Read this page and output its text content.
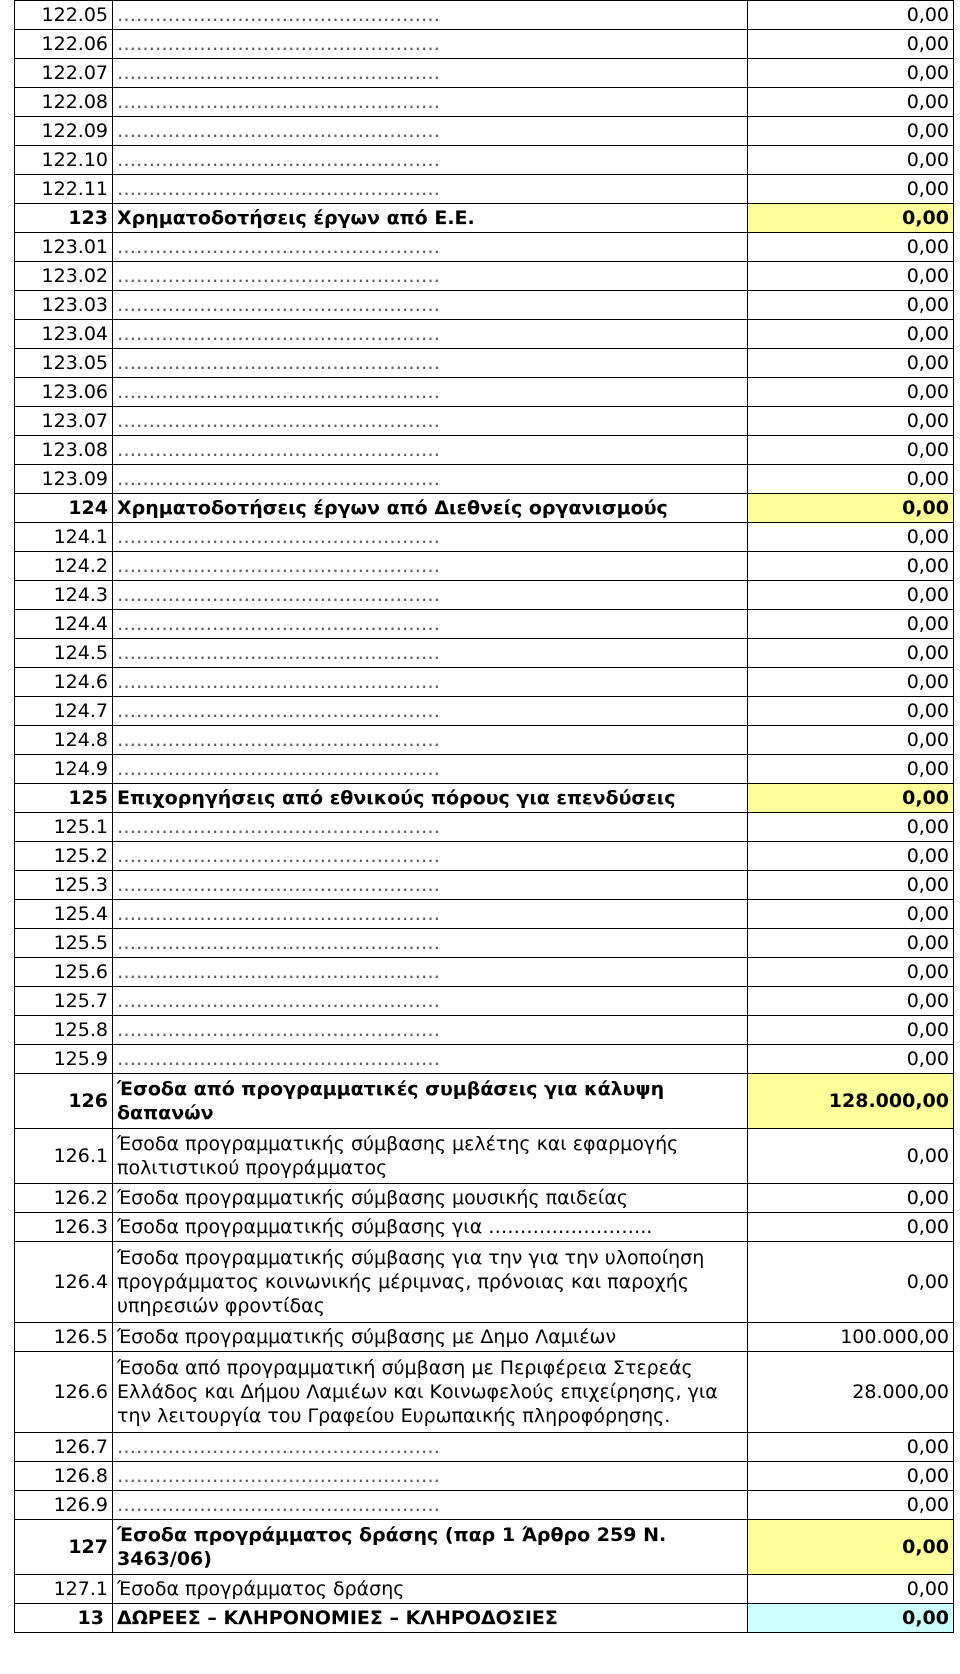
122.05	……………………………………………	0,00
122.06	……………………………………………	0,00
122.07	……………………………………………	0,00
122.08	……………………………………………	0,00
122.09	……………………………………………	0,00
122.10	……………………………………………	0,00
122.11	……………………………………………	0,00
123	Χρηματοδοτήσεις έργων από Ε.Ε.	0,00
123.01	……………………………………………	0,00
123.02	……………………………………………	0,00
123.03	……………………………………………	0,00
123.04	……………………………………………	0,00
123.05	……………………………………………	0,00
123.06	……………………………………………	0,00
123.07	……………………………………………	0,00
123.08	……………………………………………	0,00
123.09	……………………………………………	0,00
124	Χρηματοδοτήσεις έργων από Διεθνείς οργανισμούς	0,00
124.1	……………………………………………	0,00
124.2	……………………………………………	0,00
124.3	……………………………………………	0,00
124.4	……………………………………………	0,00
124.5	……………………………………………	0,00
124.6	……………………………………………	0,00
124.7	……………………………………………	0,00
124.8	……………………………………………	0,00
124.9	……………………………………………	0,00
125	Επιχορηγήσεις από εθνικούς πόρους για επενδύσεις	0,00
125.1	……………………………………………	0,00
125.2	……………………………………………	0,00
125.3	……………………………………………	0,00
125.4	……………………………………………	0,00
125.5	……………………………………………	0,00
125.6	……………………………………………	0,00
125.7	……………………………………………	0,00
125.8	……………………………………………	0,00
125.9	……………………………………………	0,00
126	Έσοδα από προγραμματικές συμβάσεις για κάλυψη δαπανών	128.000,00
126.1	Έσοδα προγραμματικής σύμβασης μελέτης και εφαρμογής πολιτιστικού προγράμματος	0,00
126.2	Έσοδα προγραμματικής σύμβασης μουσικής παιδείας	0,00
126.3	Έσοδα προγραμματικής σύμβασης για ……………………..	0,00
126.4	Έσοδα προγραμματικής σύμβασης για την για την υλοποίηση προγράμματος κοινωνικής μέριμνας, πρόνοιας και παροχής υπηρεσιών φροντίδας	0,00
126.5	Έσοδα προγραμματικής σύμβασης με Δημο Λαμιέων	100.000,00
126.6	Έσοδα από προγραμματική σύμβαση με Περιφέρεια Στερεάς Ελλάδος και Δήμου Λαμιέων και Κοινωφελούς επιχείρησης, για την λειτουργία του Γραφείου Ευρωπαικής πληροφόρησης.	28.000,00
126.7	……………………………………………	0,00
126.8	……………………………………………	0,00
126.9	……………………………………………	0,00
127	Έσοδα προγράμματος δράσης (παρ 1 Άρθρο 259 Ν. 3463/06)	0,00
127.1	Έσοδα προγράμματος δράσης	0,00
13	ΔΩΡΕΕΣ – ΚΛΗΡΟΝΟΜΙΕΣ – ΚΛΗΡΟΔΟΣΙΕΣ	0,00
